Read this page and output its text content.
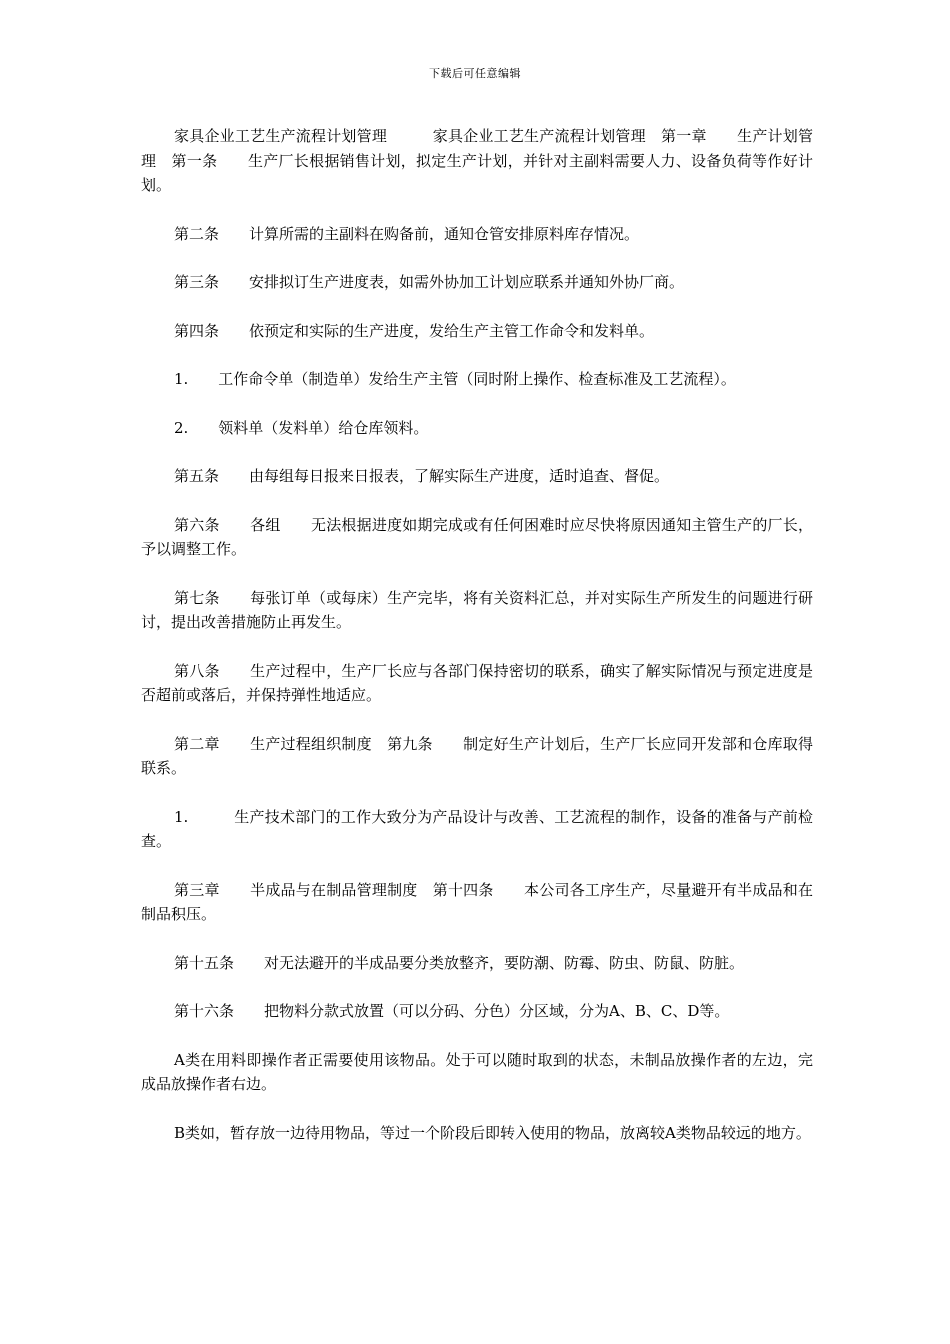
下载后可任意编辑

家具企业工艺生产流程计划管理　　　家具企业工艺生产流程计划管理　第一章　　生产计划管理　第一条　　生产厂长根据销售计划，拟定生产计划，并针对主副料需要人力、设备负荷等作好计划。

第二条　　计算所需的主副料在购备前，通知仓管安排原料库存情况。

第三条　　安排拟订生产进度表，如需外协加工计划应联系并通知外协厂商。

第四条　　依预定和实际的生产进度，发给生产主管工作命令和发料单。

1.　　工作命令单（制造单）发给生产主管（同时附上操作、检查标准及工艺流程）。

2.　　领料单（发料单）给仓库领料。

第五条　　由每组每日报来日报表，了解实际生产进度，适时追查、督促。

第六条　　各组　　无法根据进度如期完成或有任何困难时应尽快将原因通知主管生产的厂长，予以调整工作。

第七条　　每张订单（或每床）生产完毕，将有关资料汇总，并对实际生产所发生的问题进行研讨，提出改善措施防止再发生。

第八条　　生产过程中，生产厂长应与各部门保持密切的联系，确实了解实际情况与预定进度是否超前或落后，并保持弹性地适应。

第二章　　生产过程组织制度　第九条　　制定好生产计划后，生产厂长应同开发部和仓库取得联系。

1.　　　生产技术部门的工作大致分为产品设计与改善、工艺流程的制作，设备的准备与产前检查。

第三章　　半成品与在制品管理制度　第十四条　　本公司各工序生产，尽量避开有半成品和在制品积压。

第十五条　　对无法避开的半成品要分类放整齐，要防潮、防霉、防虫、防鼠、防脏。

第十六条　　把物料分款式放置（可以分码、分色）分区域，分为A、B、C、D等。

A类在用料即操作者正需要使用该物品。处于可以随时取到的状态，未制品放操作者的左边，完成品放操作者右边。

B类如，暂存放一边待用物品，等过一个阶段后即转入使用的物品，放离较A类物品较远的地方。
